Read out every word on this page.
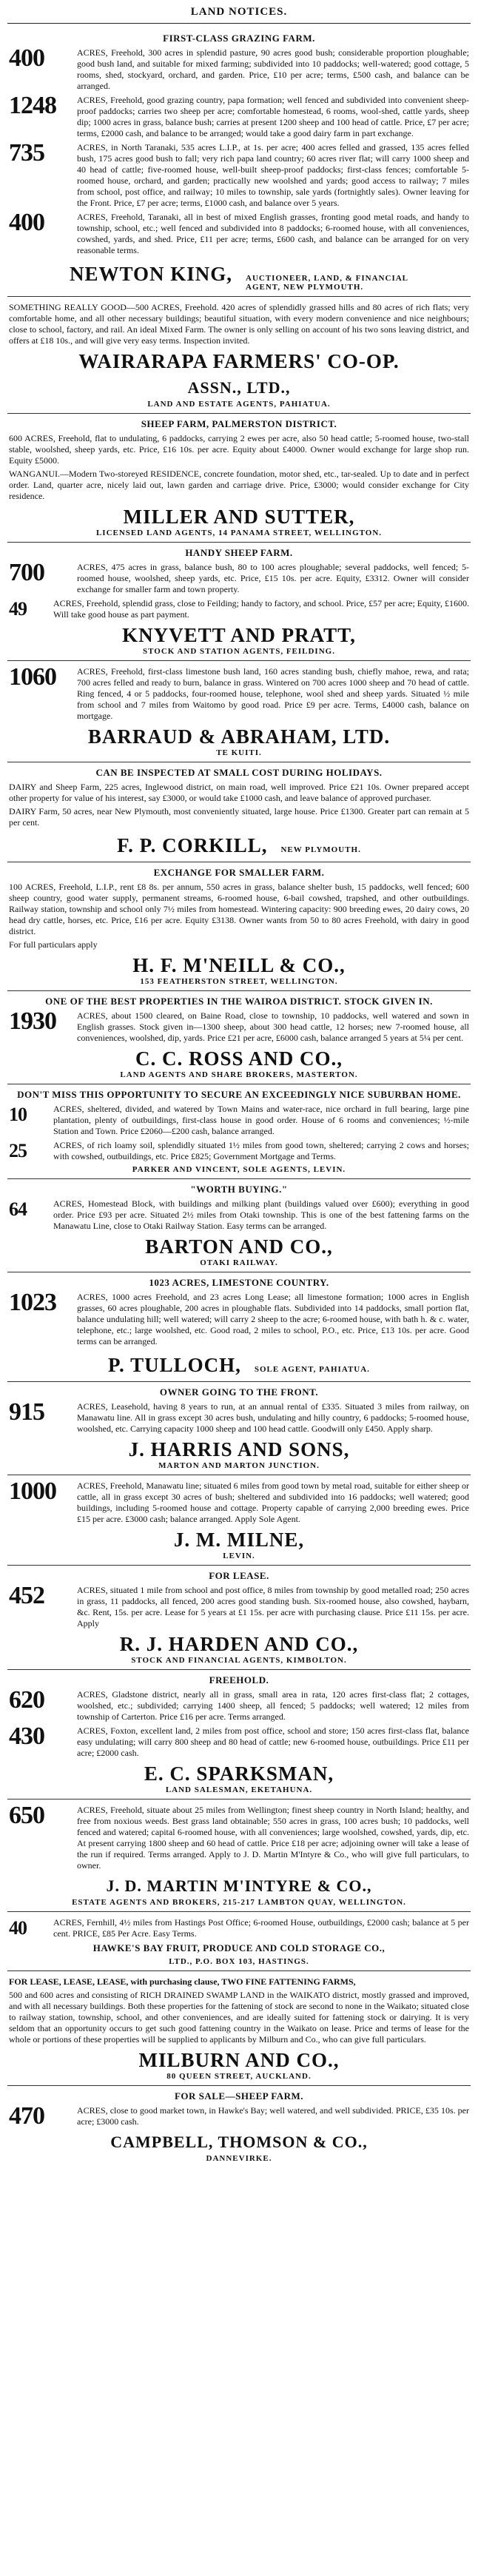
LAND NOTICES.
FIRST-CLASS GRAZING FARM.
400	ACRES, Freehold, 300 acres in splendid pasture, 90 acres good bush; considerable proportion ploughable; good bush land, and suitable for mixed farming; subdivided into 10 paddocks; well-watered; good cottage, 5 rooms, shed, stockyard, orchard, and garden. Price, £10 per acre; terms, £500 cash, and balance can be arranged.
1248	ACRES, Freehold, good grazing country, papa formation; well fenced and subdivided into convenient sheep-proof paddocks; carries two sheep per acre; comfortable homestead, 6 rooms, wool-shed, cattle yards, sheep dip; 1000 acres in grass, balance bush; carries at present 1200 sheep and 100 head of cattle. Price, £7 per acre; terms, £2000 cash, and balance to be arranged; would take a good dairy farm in part exchange.
735	ACRES, in North Taranaki, 535 acres L.I.P., at 1s. per acre; 400 acres felled and grassed, 135 acres felled bush, 175 acres good bush to fall; very rich papa land country; 60 acres river flat; will carry 1000 sheep and 40 head of cattle; five-roomed house, well-built sheep-proof paddocks; first-class fences; comfortable 5-roomed house, orchard, and garden; practically new woolshed and yards; good access to railway; 7 miles from school, post office, and railway; 10 miles to township, sale yards (fortnightly sales). Owner leaving for the Front. Price, £7 per acre; terms, £1000 cash, and balance over 5 years.
400	ACRES, Freehold, Taranaki, all in best of mixed English grasses, fronting good metal roads, and handy to township, school, etc.; well fenced and subdivided into 8 paddocks; 6-roomed house, with all conveniences, cowshed, yards, and shed. Price, £11 per acre; terms, £600 cash, and balance can be arranged for on very reasonable terms.
NEWTON KING, AUCTIONEER, LAND, & FINANCIAL
AGENT, NEW PLYMOUTH.
SOMETHING REALLY GOOD—500 ACRES, Freehold. 420 acres of splendidly grassed hills and 80 acres of rich flats; very comfortable home, and all other necessary buildings; beautiful situation, with every modern convenience and nice neighbours; close to school, factory, and rail. An ideal Mixed Farm. The owner is only selling on account of his two sons leaving district, and offers at £18 10s., and will give very easy terms. Inspection invited.
WAIRARAPA FARMERS' CO-OP.
ASSN., LTD.,
LAND AND ESTATE AGENTS, PAHIATUA.
SHEEP FARM, PALMERSTON DISTRICT.
600 ACRES, Freehold, flat to undulating, 6 paddocks, carrying 2 ewes per acre, also 50 head cattle; 5-roomed house, two-stall stable, woolshed, sheep yards, etc. Price, £16 10s. per acre. Equity about £4000. Owner would exchange for large shop run. Equity £5000.
WANGANUI.—Modern Two-storeyed RESIDENCE, concrete foundation, motor shed, etc., tar-sealed. Up to date and in perfect order. Land, quarter acre, nicely laid out, lawn garden and carriage drive. Price, £3000; would consider exchange for City residence.
MILLER AND SUTTER,
LICENSED LAND AGENTS, 14 PANAMA STREET, WELLINGTON.
HANDY SHEEP FARM.
700	ACRES, 475 acres in grass, balance bush, 80 to 100 acres ploughable; several paddocks, well fenced; 5-roomed house, woolshed, sheep yards, etc. Price, £15 10s. per acre. Equity, £3312. Owner will consider exchange for smaller farm and town property.
49	ACRES, Freehold, splendid grass, close to Feilding; handy to factory, and school. Price, £57 per acre; Equity, £1600. Will take good house as part payment.
KNYVETT AND PRATT,
STOCK AND STATION AGENTS, FEILDING.
1060	ACRES, Freehold, first-class limestone bush land, 160 acres standing bush, chiefly mahoe, rewa, and rata; 700 acres felled and ready to burn, balance in grass. Wintered on 700 acres 1000 sheep and 70 head of cattle. Ring fenced, 4 or 5 paddocks, four-roomed house, telephone, wool shed and sheep yards. Situated ½ mile from school and 7 miles from Waitomo by good road. Price £9 per acre. Terms, £4000 cash, balance on mortgage.
BARRAUD & ABRAHAM, LTD.
TE KUITI.
CAN BE INSPECTED AT SMALL COST DURING HOLIDAYS.
DAIRY and Sheep Farm, 225 acres, Inglewood district, on main road, well improved. Price £21 10s. Owner prepared accept other property for value of his interest, say £3000, or would take £1000 cash, and leave balance of approved purchaser.
DAIRY Farm, 50 acres, near New Plymouth, most conveniently situated, large house. Price £1300. Greater part can remain at 5 per cent.
F. P. CORKILL, NEW PLYMOUTH.
EXCHANGE FOR SMALLER FARM.
100 ACRES, Freehold, L.I.P., rent £8 8s. per annum, 550 acres in grass, balance shelter bush, 15 paddocks, well fenced; 600 sheep country, good water supply, permanent streams, 6-roomed house, 6-bail cowshed, trapshed, and other outbuildings. Railway station, township and school only 7½ miles from homestead. Wintering capacity: 900 breeding ewes, 20 dairy cows, 20 head dry cattle, horses, etc. Price, £16 per acre. Equity £3138. Owner wants from 50 to 80 acres Freehold, with dairy in good district.
For full particulars apply
H. F. M'NEILL & CO.,
153 FEATHERSTON STREET, WELLINGTON.
ONE OF THE BEST PROPERTIES IN THE WAIROA DISTRICT. STOCK GIVEN IN.
1930	ACRES, about 1500 cleared, on Baine Road, close to township, 10 paddocks, well watered and sown in English grasses. Stock given in—1300 sheep, about 300 head cattle, 12 horses; new 7-roomed house, all conveniences, woolshed, dip, yards. Price £21 per acre, £6000 cash, balance arranged 5 years at 5¼ per cent.
C. C. ROSS AND CO.,
LAND AGENTS AND SHARE BROKERS, MASTERTON.
DON'T MISS THIS OPPORTUNITY TO SECURE AN EXCEEDINGLY NICE SUBURBAN HOME.
10	ACRES, sheltered, divided, and watered by Town Mains and water-race, nice orchard in full bearing, large pine plantation, plenty of outbuildings, first-class house in good order. House of 6 rooms and conveniences; ½-mile Station and Town. Price £2060—£200 cash, balance arranged.
25	ACRES, of rich loamy soil, splendidly situated 1½ miles from good town, sheltered; carrying 2 cows and horses; with cowshed, outbuildings, etc. Price £825; Government Mortgage and Terms.
PARKER AND VINCENT, SOLE AGENTS, LEVIN.
"WORTH BUYING."
64	ACRES, Homestead Block, with buildings and milking plant (buildings valued over £600); everything in good order. Price £93 per acre. Situated 2½ miles from Otaki township. This is one of the best fattening farms on the Manawatu Line, close to Otaki Railway Station. Easy terms can be arranged.
BARTON AND CO.,
OTAKI RAILWAY.
1023 ACRES, LIMESTONE COUNTRY.
1023	ACRES, 1000 acres Freehold, and 23 acres Long Lease; all limestone formation; 1000 acres in English grasses, 60 acres ploughable, 200 acres in ploughable flats. Subdivided into 14 paddocks, small portion flat, balance undulating hill; well watered; will carry 2 sheep to the acre; 6-roomed house, with bath h. & c. water, telephone, etc.; large woolshed, etc. Good road, 2 miles to school, P.O., etc. Price, £13 10s. per acre. Good terms can be arranged.
P. TULLOCH, SOLE AGENT, PAHIATUA.
OWNER GOING TO THE FRONT.
915	ACRES, Leasehold, having 8 years to run, at an annual rental of £335. Situated 3 miles from railway, on Manawatu line. All in grass except 30 acres bush, undulating and hilly country, 6 paddocks; 5-roomed house, woolshed, etc. Carrying capacity 1000 sheep and 100 head cattle. Goodwill only £450. Apply sharp.
J. HARRIS AND SONS,
MARTON AND MARTON JUNCTION.
1000	ACRES, Freehold, Manawatu line; situated 6 miles from good town by metal road, suitable for either sheep or cattle, all in grass except 30 acres of bush; sheltered and subdivided into 16 paddocks; well watered; good buildings, including 5-roomed house and cottage. Property capable of carrying 2,000 breeding ewes. Price £15 per acre. £3000 cash; balance arranged. Apply Sole Agent.
J. M. MILNE,
LEVIN.
FOR LEASE.
452	ACRES, situated 1 mile from school and post office, 8 miles from township by good metalled road; 250 acres in grass, 11 paddocks, all fenced, 200 acres good standing bush. Six-roomed house, also cowshed, haybarn, &c. Rent, 15s. per acre. Lease for 5 years at £1 15s. per acre with purchasing clause. Price £11 15s. per acre. Apply
R. J. HARDEN AND CO.,
STOCK AND FINANCIAL AGENTS, KIMBOLTON.
FREEHOLD.
620	ACRES, Gladstone district, nearly all in grass, small area in rata, 120 acres first-class flat; 2 cottages, woolshed, etc.; subdivided; carrying 1400 sheep, all fenced; 5 paddocks; well watered; 12 miles from township of Carterton. Price £16 per acre. Terms arranged.
430	ACRES, Foxton, excellent land, 2 miles from post office, school and store; 150 acres first-class flat, balance easy undulating; will carry 800 sheep and 80 head of cattle; new 6-roomed house, outbuildings. Price £11 per acre; £2000 cash.
E. C. SPARKSMAN,
LAND SALESMAN, EKETAHUNA.
650	ACRES, Freehold, situate about 25 miles from Wellington; finest sheep country in North Island; healthy, and free from noxious weeds. Best grass land obtainable; 550 acres in grass, 100 acres bush; 10 paddocks, well fenced and watered; capital 6-roomed house, with all conveniences; large woolshed, cowshed, yards, dip, etc. At present carrying 1800 sheep and 60 head of cattle. Price £18 per acre; adjoining owner will take a lease of the run if required. Terms arranged. Apply to J. D. Martin M'Intyre & Co., who will give full particulars, to owner.
J. D. MARTIN M'INTYRE & CO.,
ESTATE AGENTS AND BROKERS, 215-217 LAMBTON QUAY, WELLINGTON.
40	ACRES, Fernhill, 4½ miles from Hastings Post Office; 6-roomed House, outbuildings, £2000 cash; balance at 5 per cent. PRICE, £85 Per Acre. Easy Terms.
HAWKE'S BAY FRUIT, PRODUCE AND COLD STORAGE CO.,
LTD., P.O. BOX 103, HASTINGS.
FOR LEASE, LEASE, LEASE, with purchasing clause, TWO FINE FATTENING FARMS,
500 and 600 acres and consisting of RICH DRAINED SWAMP LAND in the WAIKATO district, mostly grassed and improved, and with all necessary buildings. Both these properties for the fattening of stock are second to none in the Waikato; situated close to railway station, township, school, and other conveniences, and are ideally suited for fattening stock or dairying. It is very seldom that an opportunity occurs to get such good fattening country in the Waikato on lease. Price and terms of lease for the whole or portions of these properties will be supplied to applicants by Milburn and Co., who can give full particulars.
MILBURN AND CO.,
80 QUEEN STREET, AUCKLAND.
FOR SALE—SHEEP FARM.
470	ACRES, close to good market town, in Hawke's Bay; well watered, and well subdivided. PRICE, £35 10s. per acre; £3000 cash.
CAMPBELL, THOMSON & CO.,
DANNEVIRKE.
